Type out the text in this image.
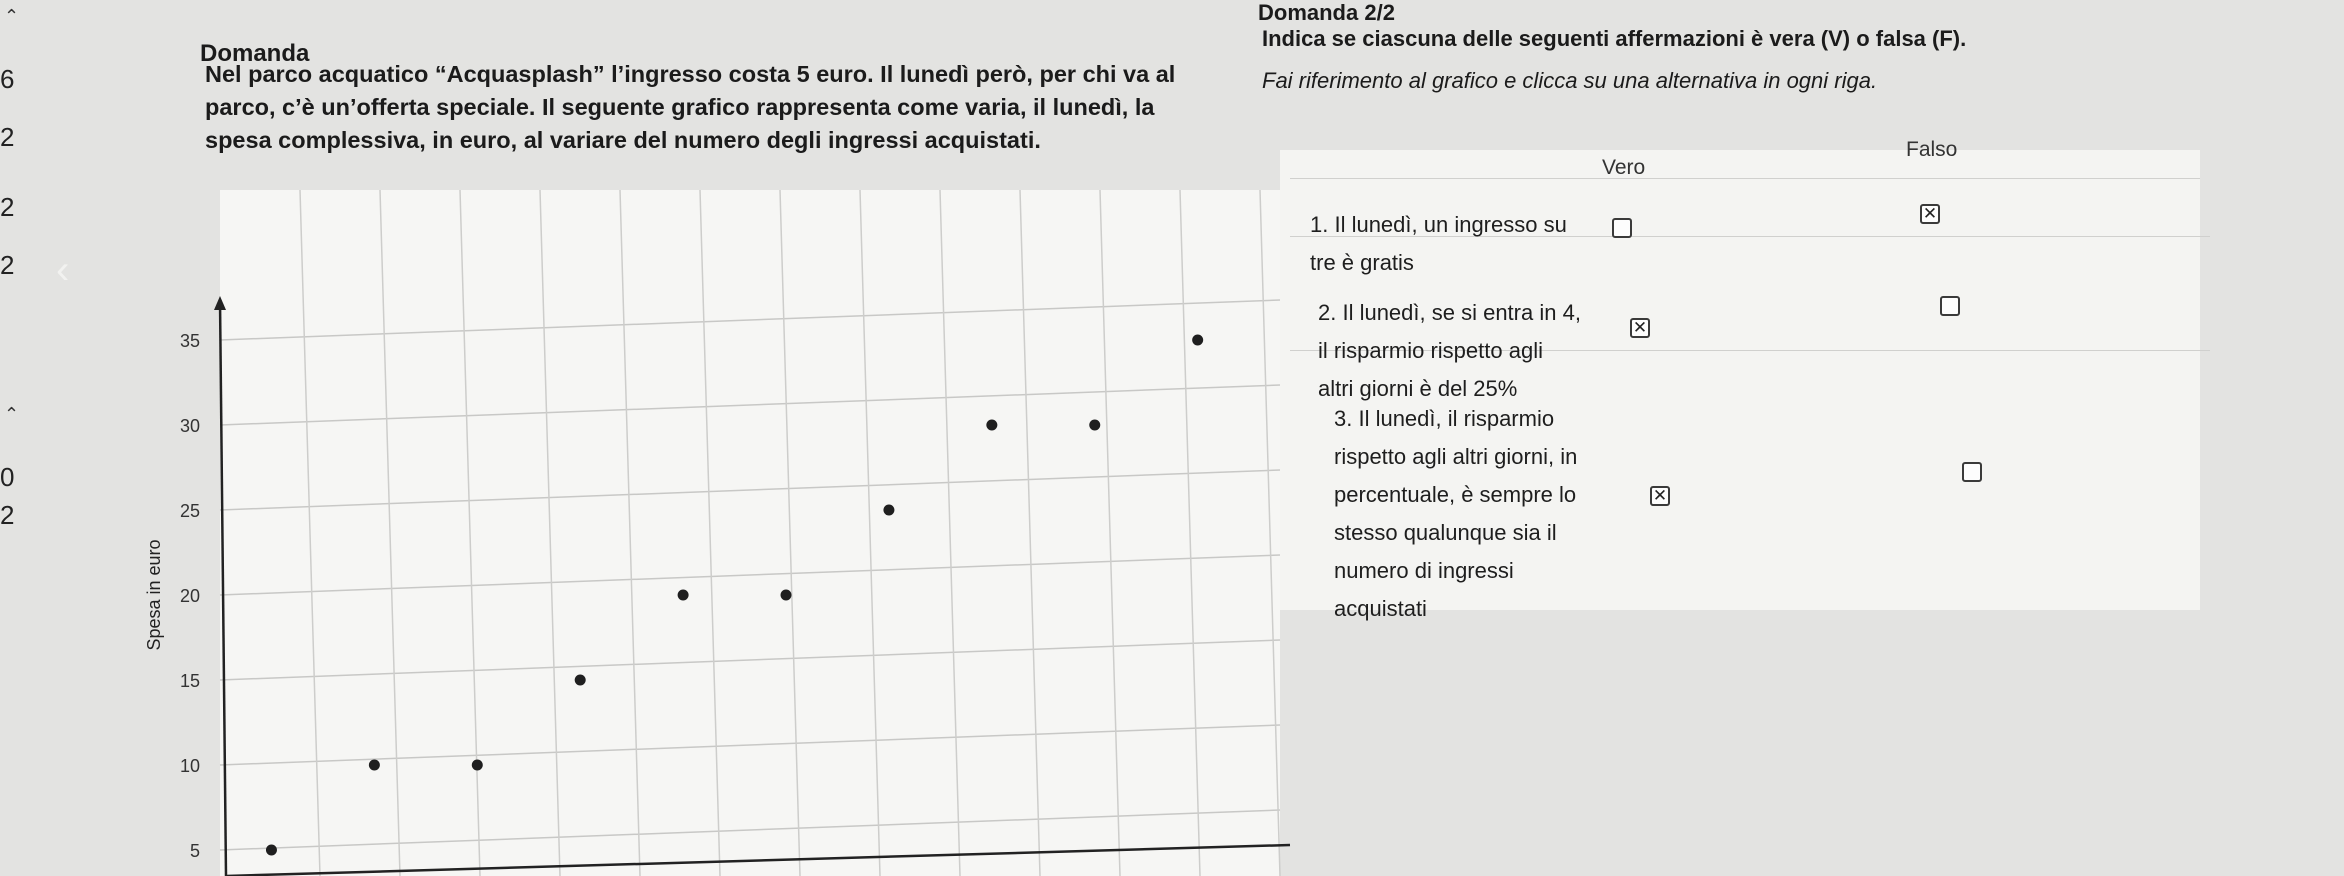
⌃
6
2
2
2
⌃
0
2
‹
Domanda
Domanda 2/2
Nel parco acquatico “Acquasplash” l’ingresso costa 5 euro. Il lunedì però, per chi va al
parco, c’è un’offerta speciale. Il seguente grafico rappresenta come varia, il lunedì, la
spesa complessiva, in euro, al variare del numero degli ingressi acquistati.
Indica se ciascuna delle seguenti affermazioni è vera (V) o falsa (F).
Fai riferimento al grafico e clicca su una alternativa in ogni riga.
5
10
15
20
25
30
35
Spesa in euro
Vero
Falso
1. Il lunedì, un ingresso su
tre è gratis
✕
2. Il lunedì, se si entra in 4,
il risparmio rispetto agli
altri giorni è del 25%
✕
3. Il lunedì, il risparmio
rispetto agli altri giorni, in
percentuale, è sempre lo
stesso qualunque sia il
numero di ingressi
acquistati
✕
